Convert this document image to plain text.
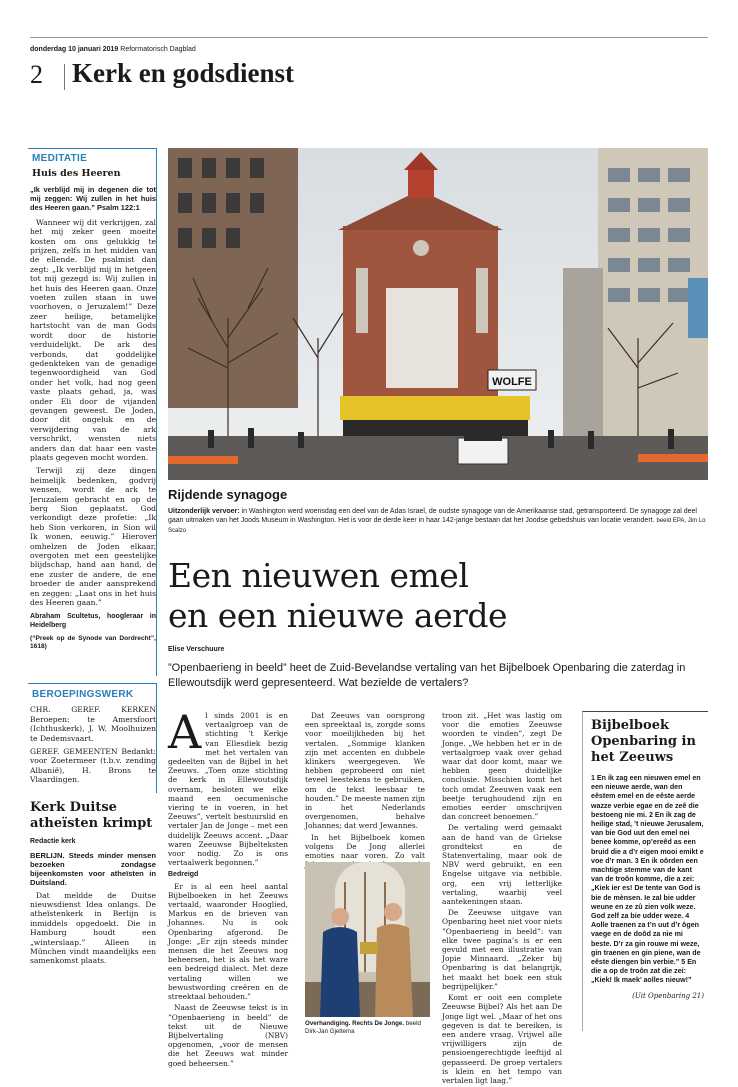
donderdag 10 januari 2019 Reformatorisch Dagblad
2 Kerk en godsdienst
MEDITATIE
Huis des Heeren

„Ik verblijd mij in degenen die tot mij zeggen: Wij zullen in het huis des Heeren gaan.” Psalm 122:1

Wanneer wij dit verkrijgen, zal het mij zeker geen moeite kosten om ons gelukkig te prijzen, zelfs in het midden van de ellende. De psalmist dan zegt: „Ik verblijd mij in hetgeen tot mij gezegd is: Wij zullen in het huis des Heeren gaan. Onze voeten zullen staan in uwe voorhoven, o Jeruzalem!” Deze zeer heilige, betamelijke hartstocht van de man Gods wordt door de historie verduidelijkt. De ark des verbonds, dat goddelijke gedenkteken van de genadige tegenwoordigheid van God onder het volk, had nog geen vaste plaats gehad, ja, was onder Eli door de vijanden gevangen geweest. De Joden, door dit ongeluk en de verwijdering van de ark verschrikt, wensten niets anders dan dat haar een vaste plaats gegeven mocht worden.

Terwijl zij deze dingen heimelijk bedenken, godvrij wensen, wordt de ark te Jeruzalem gebracht en op de berg Sion geplaatst. God verkondigt deze profetie: „Ik heb Sion verkoren, in Sion wil Ik wonen, eeuwig.” Hierover omhelzen de Joden elkaar, overgoten met een geestelijke blijdschap, hand aan hand, de ene zuster de andere, de ene broeder de ander aansprekend en zeggen: „Laat ons in het huis des Heeren gaan.”

Abraham Scultetus, hoogleraar in Heidelberg

(“Preek op de Synode van Dordrecht”, 1618)

BEROEPINGSWERK

CHR. GEREF. KERKEN Beroepen: te Amersfoort (Ichthuskerk), J. W. Moolhuizen te Dedemsvaart.

GEREF. GEMEENTEN Bedankt: voor Zoetermeer (t.b.v. zending Albanië), H. Brons te Vlaardingen.

Kerk Duitse atheïsten krimpt

Redactie kerk

BERLIJN. Steeds minder mensen bezoeken zondagse bijeenkomsten voor atheïsten in Duitsland.

Dat meldde de Duitse nieuwsdienst Idea onlangs. De atheïstenkerk in Berlijn is inmiddels opgedoekt. Die in Hamburg houdt een „winterslaap.” Alleen in München vindt maandelijks een samenkomst plaats.

WOLFE
Rijdende synagoge
Uitzonderlijk vervoer: in Washington werd woensdag een deel van de Adas Israel, de oudste synagoge van de Amerikaanse stad, getransporteerd. De synagoge zal deel gaan uitmaken van het Joods Museum in Washington. Het is voor de derde keer in haar 142-jarige bestaan dat het Joodse gebedshuis van locatie verandert. beeld EPA, Jim Lo Scalzo
Een nieuwen emel
en een nieuwe aerde
Elise Verschuure
”Openbaerieng in beeld” heet de Zuid-Bevelandse vertaling van het Bijbelboek Openbaring die zaterdag in Ellewoutsdijk werd gepresenteerd. Wat bezielde de vertalers?

Al sinds 2001 is en vertaalgroep van de stichting ’t Kerkje van Ellesdiek bezig met het vertalen van gedeelten van de Bijbel in het Zeeuws. „Toen onze stichting de kerk in Ellewoutsdijk overnam, besloten we elke maand een oecumenische viering te in voeren, in het Zeeuws”, vertelt bestuurslid en vertaler Jan de Jonge – met een duidelijk Zeeuws accent. „Daar waren Zeeuwse Bijbelteksten voor nodig. Zo is ons vertaalwerk begonnen.”

Bedreigd

Er is al een heel aantal Bijbelboeken in het Zeeuws vertaald, waaronder Hooglied, Markus en de brieven van Johannes. Nu is ook Openbaring afgerond. De Jonge: „Er zijn steeds minder mensen die het Zeeuws nog beheersen, het is als het ware een bedreigd dialect. Met deze vertaling willen we bewustwording creëren en de streektaal behouden.”

Naast de Zeeuwse tekst is in ”Openbaerieng in beeld” de tekst uit de Nieuwe Bijbelvertaling (NBV) opgenomen, „voor de mensen die het Zeeuws wat minder goed beheersen.”

Dat Zeeuws van oorsprong een spreektaal is, zorgde soms voor moeilijkheden bij het vertalen. „Sommige klanken zijn met accenten en dubbele klinkers weergegeven. We hebben geprobeerd om niet teveel leestekens te gebruiken, om de tekst leesbaar te houden.” De meeste namen zijn in het Nederlands overgenomen, behalve Johannes; dat werd Jewannes.

In het Bijbelboek komen volgens De Jong allerlei emoties naar voren. Zo valt

Overhandiging. Rechts De Jonge. beeld Dirk-Jan Gjeltema

troon zit. „Het was lastig om voor die emoties Zeeuwse woorden te vinden”, zegt De Jonge. „We hebben het er in de vertaalgroep vaak over gehad waar dat door komt, maar we hebben geen duidelijke conclusie. Misschien komt het toch omdat Zeeuwen vaak een beetje terughoudend zijn en emoties eerder omschrijven dan concreet benoemen.”

De vertaling werd gemaakt aan de hand van de Griekse grondtekst en de Statenvertaling, maar ook de NBV werd gebruikt, en een Engelse uitgave via netbible. org, een vrij letterlijke vertaling, waarbij veel aantekeningen staan.

De Zeeuwse uitgave van Openbaring heet niet voor niets ”Openbaerieng in beeld”: van elke twee pagina’s is er een gevuld met een illustratie van Jopie Minnaard. „Zeker bij Openbaring is dat belangrijk, het maakt het boek een stuk begrijpelijker.”

Komt er ooit een complete Zeeuwse Bijbel? Als het aan De Jonge ligt wel. „Maar of het ons gegeven is dat te bereiken, is een andere vraag. Vrijwel alle vrijwilligers zijn de pensioengerechtigde leeftijd al gepasseerd. De groep vertalers is klein en het tempo van vertalen ligt laag.”

Bijbelboek Openbaring in het Zeeuws
1 En ik zag een nieuwen emel en een nieuwe aerde, wan den eêstem emel en de eêste aerde wazze verbie egae en de zeê die bestoeng nie mi. 2 En ik zag de heilige stad, ’t nieuwe Jerusalem, van bie God uut den emel nei benee komme, op’ereêd as een bruid die a d’r eigen mooi emikt e voe d’r man. 3 En ik oôrden een machtige stemme van de kant van de troôn komme, die a zei: „Kiek ier es! De tente van God is bie de mènsen. Ie zal bie udder weune en ze zû zien volk weze. God zelf za bie udder weze. 4 Aolle traenen za t’n uut d’r ôgen vaege en de doôd za nie mi beste. D’r za gin rouwe mi weze, gin traenen en gin piene, wan de eêste diengen bin verbie.” 5 En die a op de troôn zat die zei: „Kiek! Ik maek’ aolles nieuw!”
(Uit Openbaring 21)
